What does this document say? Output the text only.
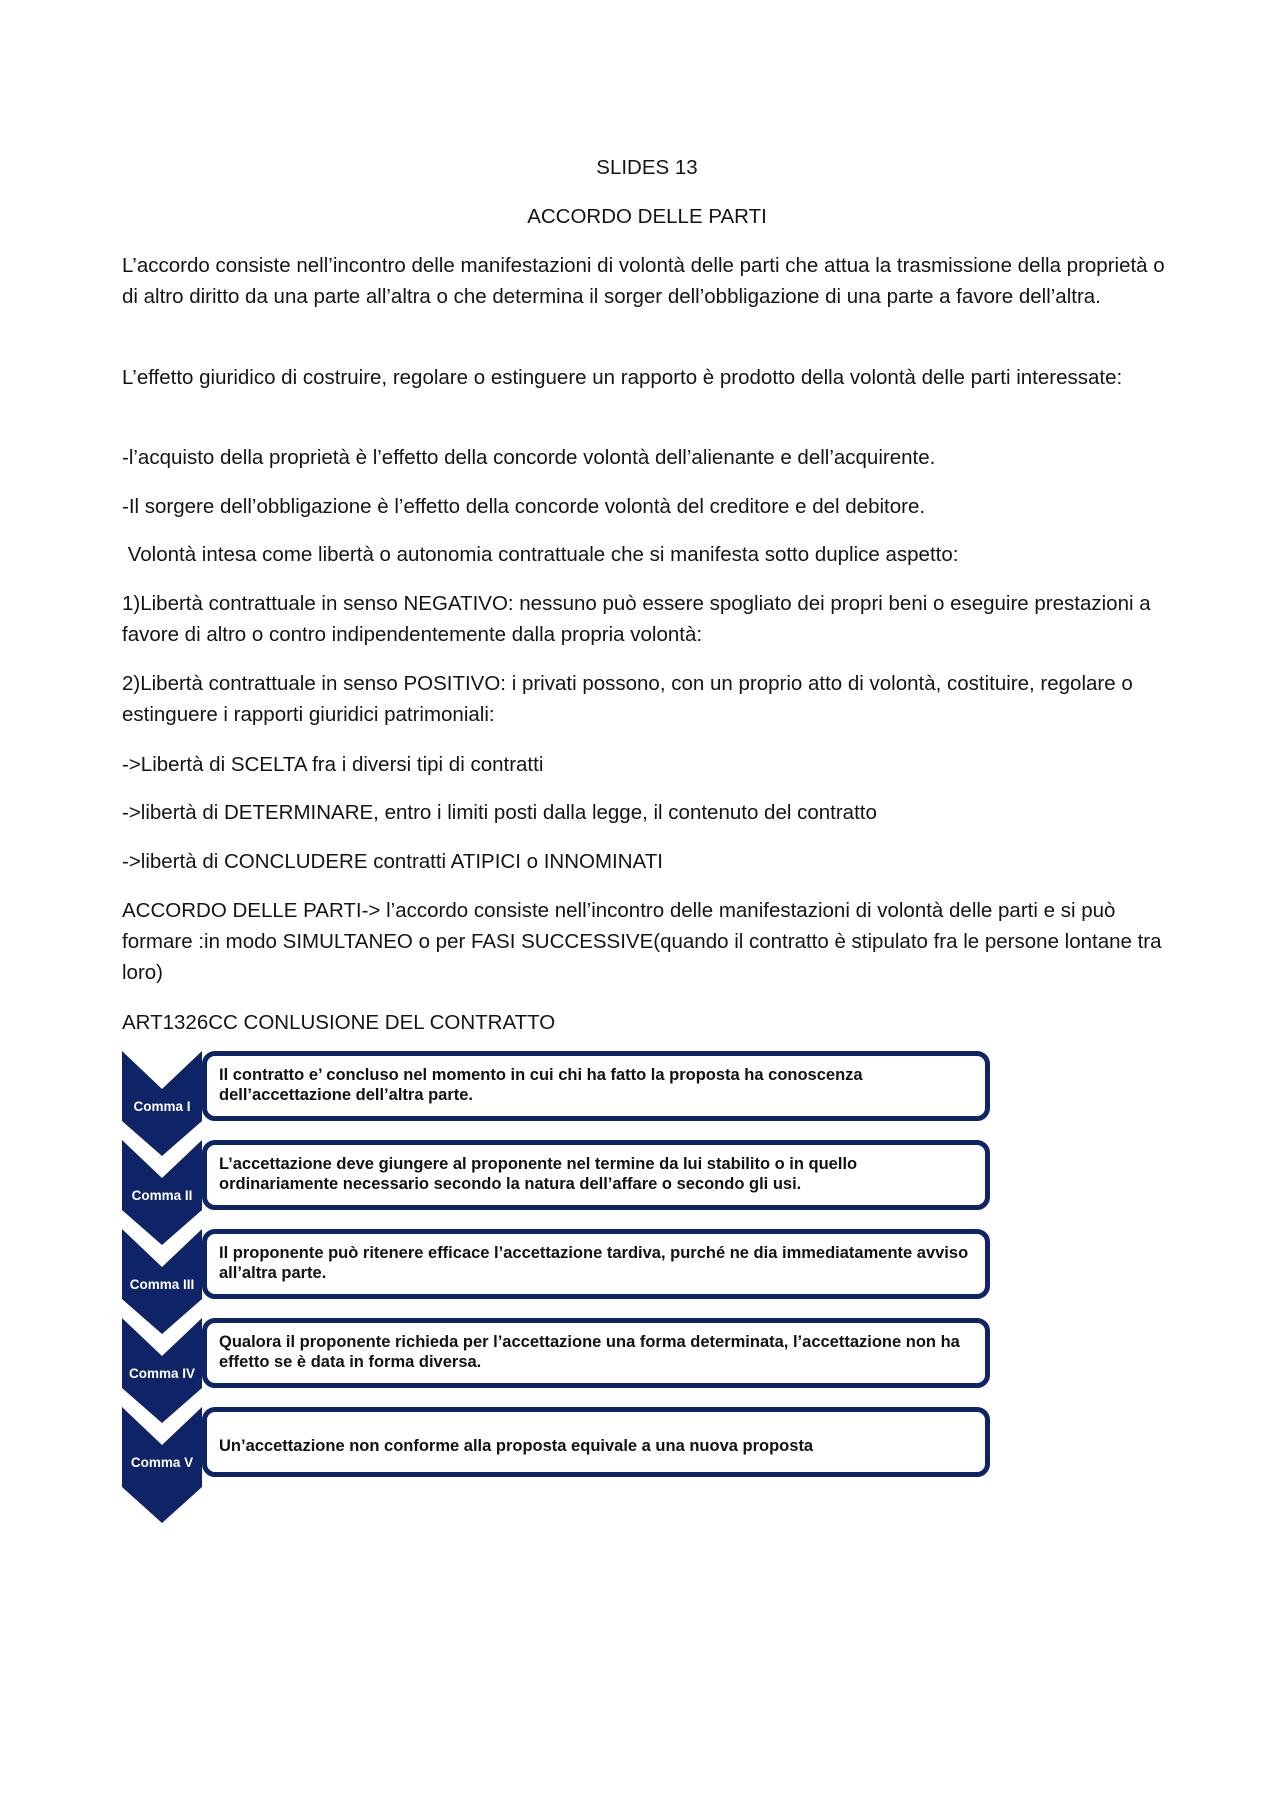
SLIDES 13
ACCORDO DELLE PARTI

L’accordo consiste nell’incontro delle manifestazioni di volontà delle parti che attua la trasmissione della proprietà o di altro diritto da una parte all’altra o che determina il sorger dell’obbligazione di una parte a favore dell’altra.

L’effetto giuridico di costruire, regolare o estinguere un rapporto è prodotto della volontà delle parti interessate:

-l’acquisto della proprietà è l’effetto della concorde volontà dell’alienante e dell’acquirente.

-Il sorgere dell’obbligazione è l’effetto della concorde volontà del creditore e del debitore.

Volontà intesa come libertà o autonomia contrattuale che si manifesta sotto duplice aspetto:

1)Libertà contrattuale in senso NEGATIVO: nessuno può essere spogliato dei propri beni o eseguire prestazioni a favore di altro o contro indipendentemente dalla propria volontà:

2)Libertà contrattuale in senso POSITIVO: i privati possono, con un proprio atto di volontà, costituire, regolare o estinguere i rapporti giuridici patrimoniali:

->Libertà di SCELTA fra i diversi tipi di contratti

->libertà di DETERMINARE, entro i limiti posti dalla legge, il contenuto del contratto

->libertà di CONCLUDERE contratti ATIPICI o INNOMINATI

ACCORDO DELLE PARTI-> l’accordo consiste nell’incontro delle manifestazioni di volontà delle parti e si può formare :in modo SIMULTANEO o per FASI SUCCESSIVE(quando il contratto è stipulato fra le persone lontane tra loro)

ART1326CC CONLUSIONE DEL CONTRATTO

Comma I
Comma II
Comma III
Comma IV
Comma V
Il contratto e’ concluso nel momento in cui chi ha fatto la proposta ha conoscenza dell’accettazione dell’altra parte.
L’accettazione deve giungere al proponente nel termine da lui stabilito o in quello ordinariamente necessario secondo la natura dell’affare o secondo gli usi.
Il proponente può ritenere efficace l’accettazione tardiva, purché ne dia immediatamente avviso all’altra parte.
Qualora il proponente richieda per l’accettazione una forma determinata, l’accettazione non ha effetto se è data in forma diversa.
Un’accettazione non conforme alla proposta equivale a una nuova proposta
